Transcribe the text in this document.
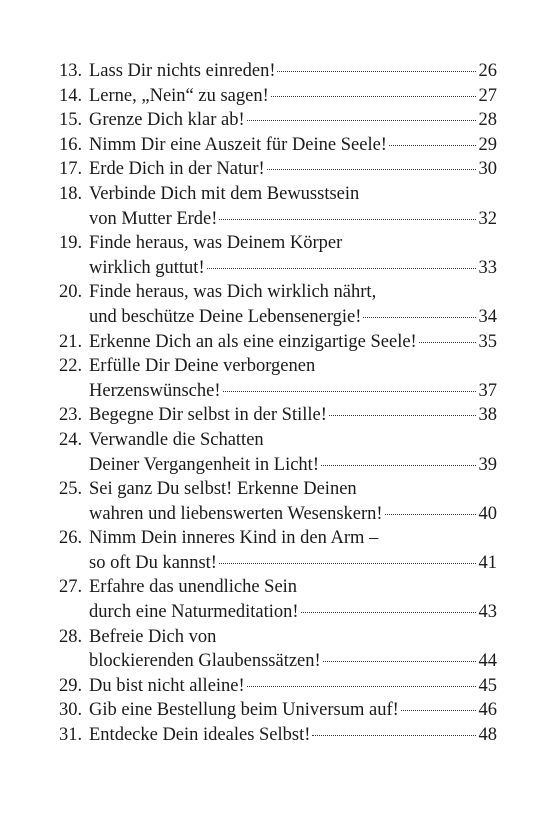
13. Lass Dir nichts einreden!	26
14. Lerne, „Nein“ zu sagen!	27
15. Grenze Dich klar ab!	28
16. Nimm Dir eine Auszeit für Deine Seele!	29
17. Erde Dich in der Natur!	30
18. Verbinde Dich mit dem Bewusstsein
von Mutter Erde!	32
19. Finde heraus, was Deinem Körper
wirklich guttut!	33
20. Finde heraus, was Dich wirklich nährt,
und beschütze Deine Lebensenergie!	34
21. Erkenne Dich an als eine einzigartige Seele!	35
22. Erfülle Dir Deine verborgenen
Herzenswünsche!	37
23. Begegne Dir selbst in der Stille!	38
24. Verwandle die Schatten
Deiner Vergangenheit in Licht!	39
25. Sei ganz Du selbst! Erkenne Deinen
wahren und liebenswerten Wesenskern!	40
26. Nimm Dein inneres Kind in den Arm –
so oft Du kannst!	41
27. Erfahre das unendliche Sein
durch eine Naturmeditation!	43
28. Befreie Dich von
blockierenden Glaubenssätzen!	44
29. Du bist nicht alleine!	45
30. Gib eine Bestellung beim Universum auf!	46
31. Entdecke Dein ideales Selbst!	48
